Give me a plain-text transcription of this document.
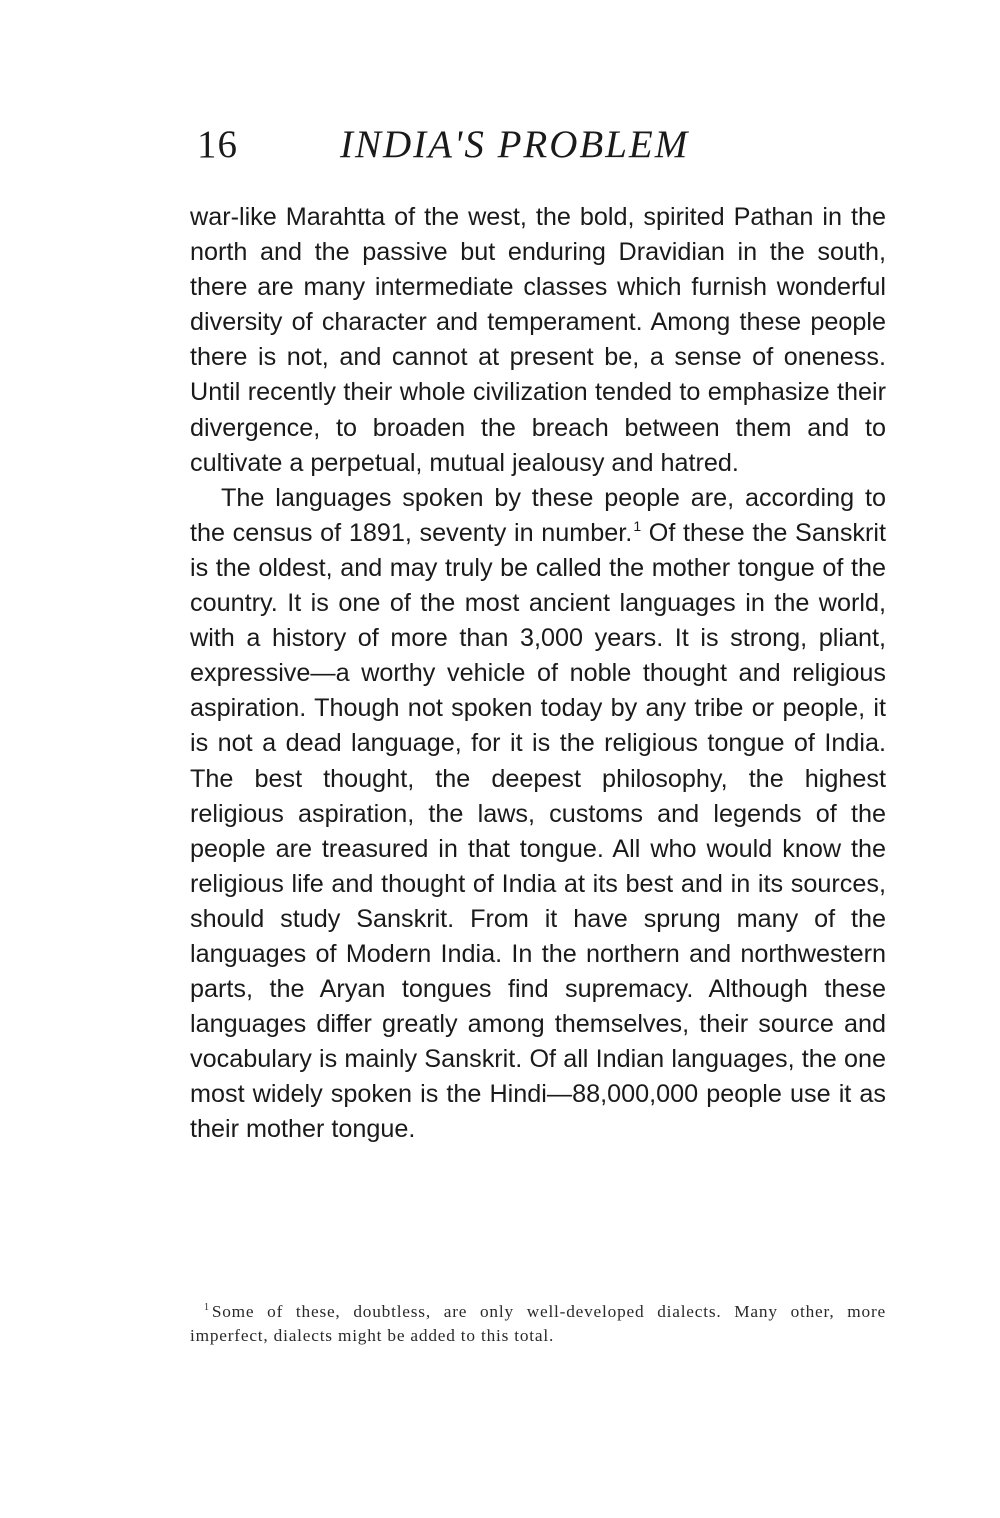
16	INDIA'S PROBLEM

war-like Marahtta of the west, the bold, spirited Pathan in the north and the passive but enduring Dravidian in the south, there are many intermediate classes which furnish wonderful diversity of character and temperament. Among these people there is not, and cannot at present be, a sense of oneness. Until recently their whole civilization tended to emphasize their divergence, to broaden the breach between them and to cultivate a perpetual, mutual jealousy and hatred.

The languages spoken by these people are, according to the census of 1891, seventy in number.$^1$ Of these the Sanskrit is the oldest, and may truly be called the mother tongue of the country. It is one of the most ancient languages in the world, with a history of more than 3,000 years. It is strong, pliant, expressive—a worthy vehicle of noble thought and religious aspiration. Though not spoken today by any tribe or people, it is not a dead language, for it is the religious tongue of India. The best thought, the deepest philosophy, the highest religious aspiration, the laws, customs and legends of the people are treasured in that tongue. All who would know the religious life and thought of India at its best and in its sources, should study Sanskrit. From it have sprung many of the languages of Modern India. In the northern and northwestern parts, the Aryan tongues find supremacy. Although these languages differ greatly among themselves, their source and vocabulary is mainly Sanskrit. Of all Indian languages, the one most widely spoken is the Hindi—88,000,000 people use it as their mother tongue.

$^1$ Some of these, doubtless, are only well-developed dialects. Many other, more imperfect, dialects might be added to this total.
